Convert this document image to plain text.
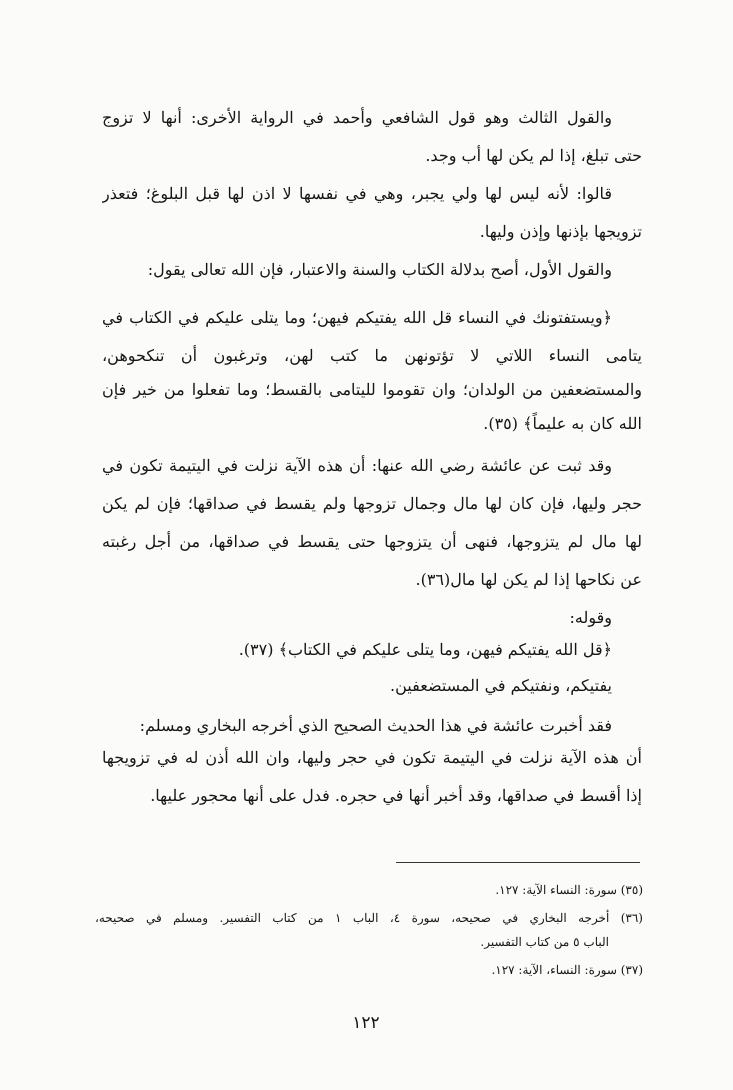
والقول الثالث وهو قول الشافعي وأحمد في الرواية الأخرى: أنها لا تزوج
حتى تبلغ، إذا لم يكن لها أب وجد.
قالوا: لأنه ليس لها ولي يجبر، وهي في نفسها لا اذن لها قبل البلوغ؛ فتعذر
تزويجها بإذنها وإذن وليها.
والقول الأول، أصح بدلالة الكتاب والسنة والاعتبار، فإن الله تعالى يقول:
﴿ويستفتونك في النساء قل الله يفتيكم فيهن؛ وما يتلى عليكم في الكتاب في
يتامى النساء اللاتي لا تؤتونهن ما كتب لهن، وترغبون أن تنكحوهن،
والمستضعفين من الولدان؛ وان تقوموا لليتامى بالقسط؛ وما تفعلوا من خير فإن
الله كان به عليماً﴾ (٣٥).
وقد ثبت عن عائشة رضي الله عنها: أن هذه الآية نزلت في اليتيمة تكون في
حجر وليها، فإن كان لها مال وجمال تزوجها ولم يقسط في صداقها؛ فإن لم يكن
لها مال لم يتزوجها، فنهى أن يتزوجها حتى يقسط في صداقها، من أجل رغبته
عن نكاحها إذا لم يكن لها مال(٣٦).
وقوله:
﴿قل الله يفتيكم فيهن، وما يتلى عليكم في الكتاب﴾ (٣٧).
يفتيكم، ونفتيكم في المستضعفين.
فقد أخبرت عائشة في هذا الحديث الصحيح الذي أخرجه البخاري ومسلم:
أن هذه الآية نزلت في اليتيمة تكون في حجر وليها، وان الله أذن له في تزويجها
إذا أقسط في صداقها، وقد أخبر أنها في حجره. فدل على أنها محجور عليها.
(٣٥) سورة: النساء الآية: ١٢٧.
(٣٦) أخرجه البخاري في صحيحه، سورة ٤، الباب ١ من كتاب التفسير. ومسلم في صحيحه،
الباب ٥ من كتاب التفسير.
(٣٧) سورة: النساء، الآية: ١٢٧.
١٢٢
